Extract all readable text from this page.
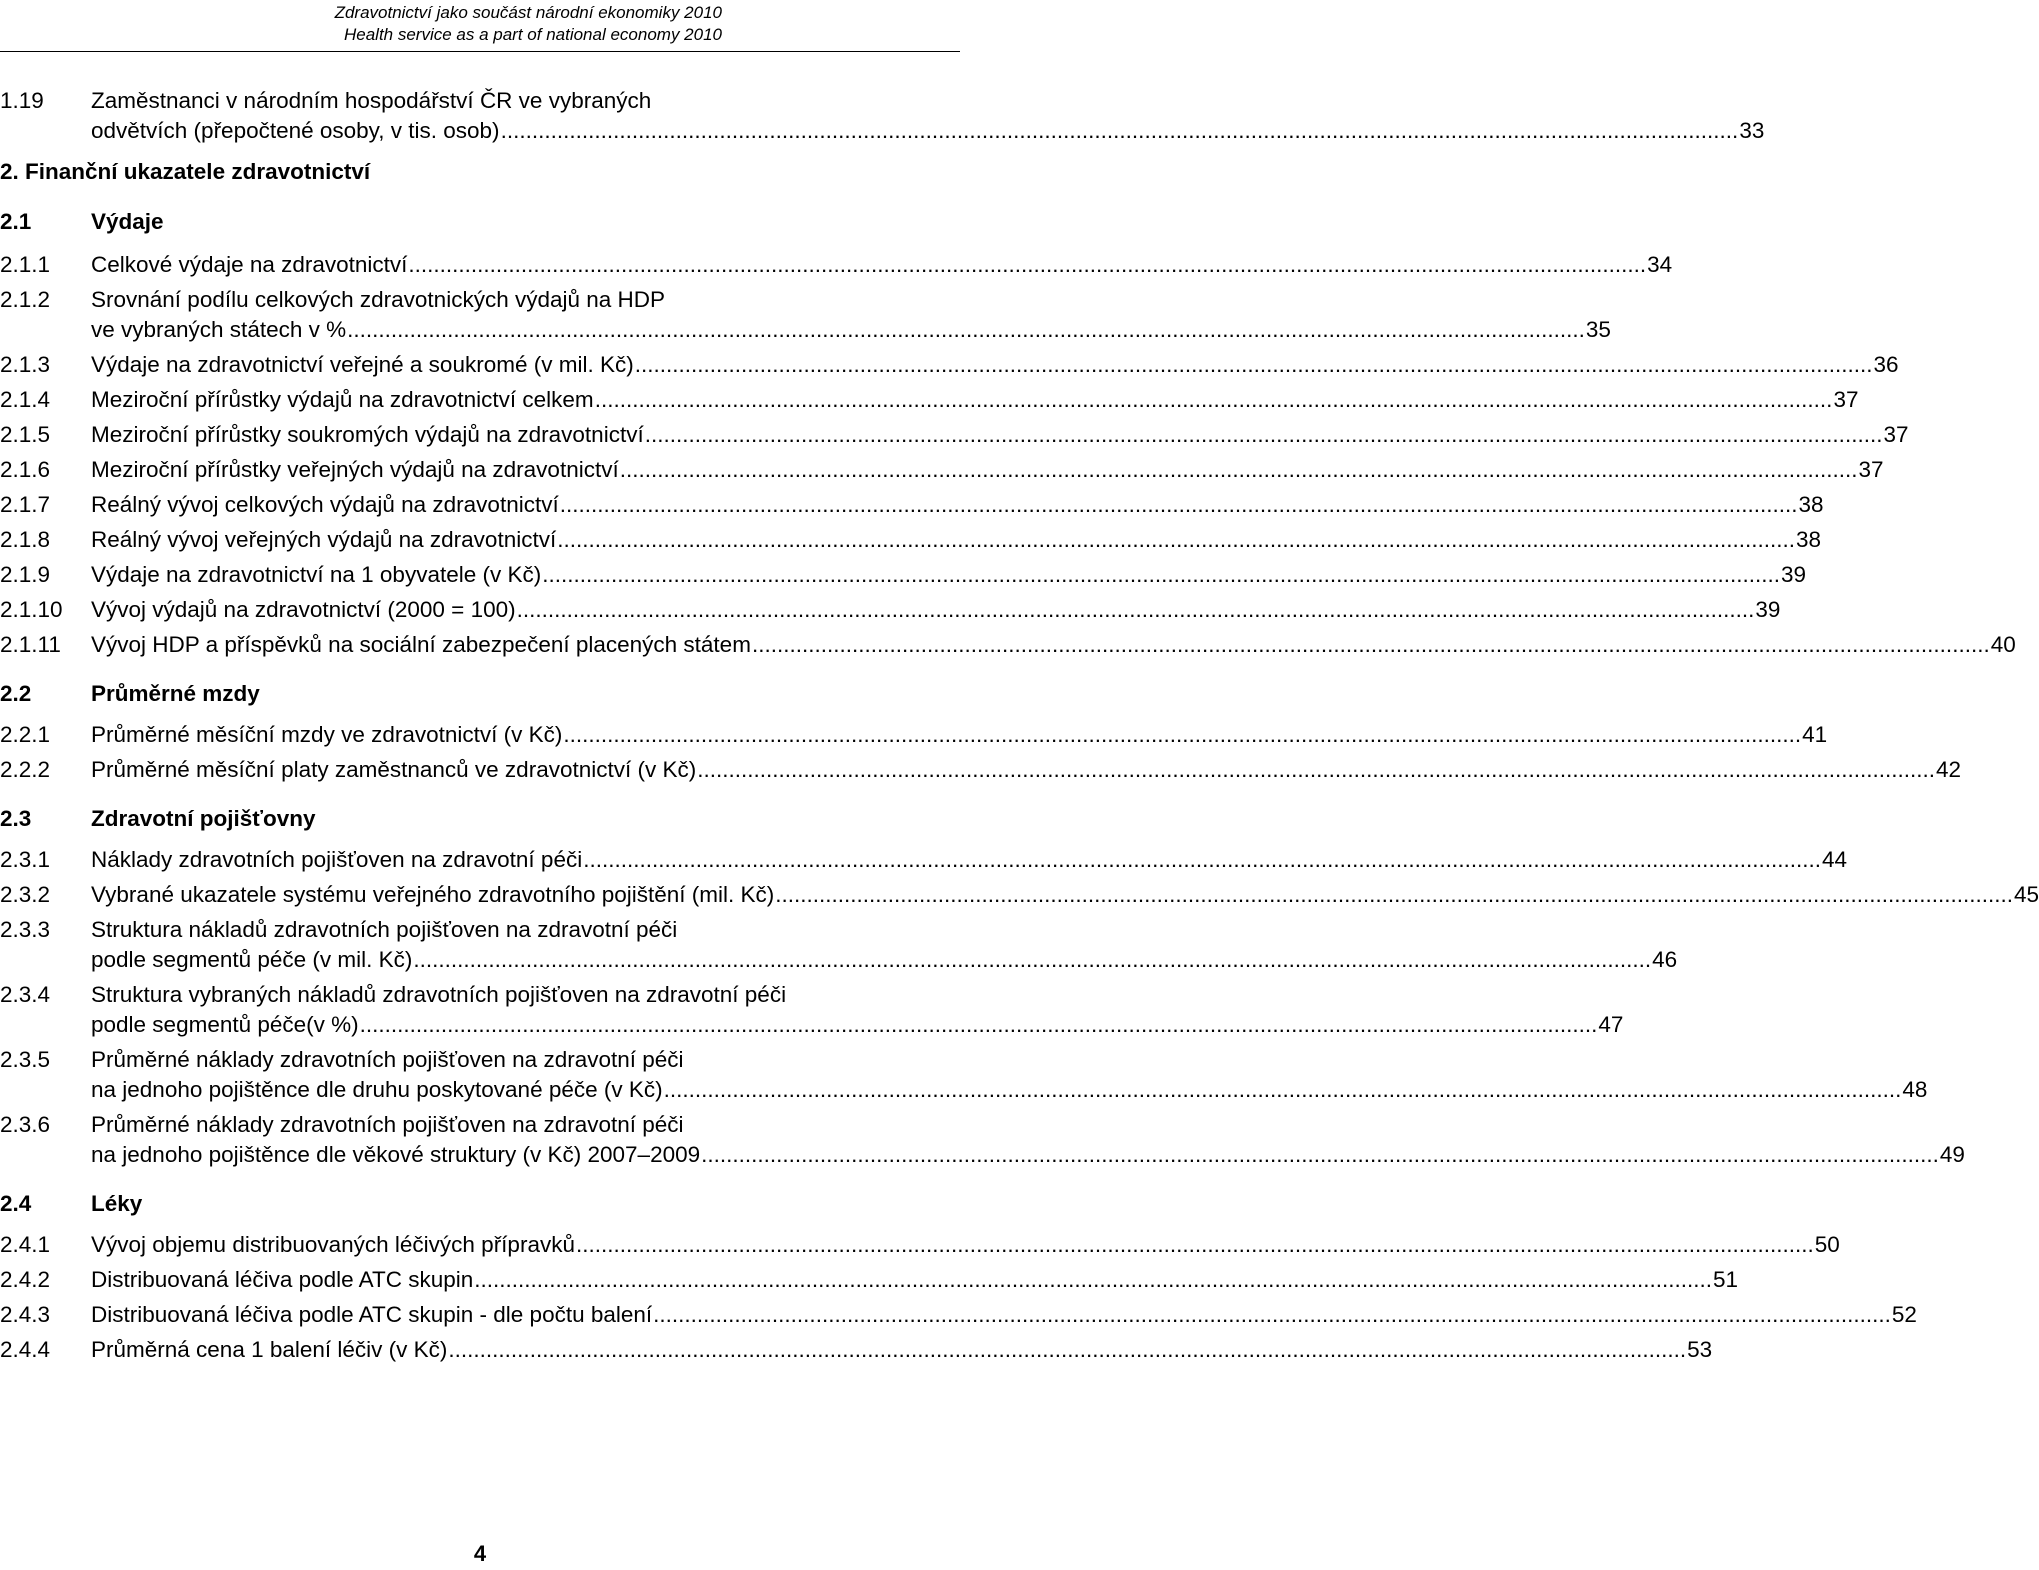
Zdravotnictví jako součást národní ekonomiky 2010
Health service as a part of national economy 2010
1.19 Zaměstnanci v národním hospodářství ČR ve vybraných
odvětvích (přepočtené osoby, v tis. osob) ...................................................................................................................................................................................................... 33
2. Finanční ukazatele zdravotnictví
2.1	Výdaje
2.1.1 Celkové výdaje na zdravotnictví ...................................................................................................................................................................................................... 34
2.1.2 Srovnání podílu celkových zdravotnických výdajů na HDP
ve vybraných státech v % ...................................................................................................................................................................................................... 35
2.1.3 Výdaje na zdravotnictví veřejné a soukromé (v mil. Kč) ...................................................................................................................................................................................................... 36
2.1.4 Meziroční přírůstky výdajů na zdravotnictví celkem ...................................................................................................................................................................................................... 37
2.1.5 Meziroční přírůstky soukromých výdajů na zdravotnictví ...................................................................................................................................................................................................... 37
2.1.6 Meziroční přírůstky veřejných výdajů na zdravotnictví ...................................................................................................................................................................................................... 37
2.1.7 Reálný vývoj celkových výdajů na zdravotnictví ...................................................................................................................................................................................................... 38
2.1.8 Reálný vývoj veřejných výdajů na zdravotnictví ...................................................................................................................................................................................................... 38
2.1.9 Výdaje na zdravotnictví na 1 obyvatele (v Kč) ...................................................................................................................................................................................................... 39
2.1.10 Vývoj výdajů na zdravotnictví (2000 = 100) ...................................................................................................................................................................................................... 39
2.1.11 Vývoj HDP a příspěvků na sociální zabezpečení placených státem ...................................................................................................................................................................................................... 40
2.2	Průměrné mzdy
2.2.1 Průměrné měsíční mzdy ve zdravotnictví (v Kč) ...................................................................................................................................................................................................... 41
2.2.2 Průměrné měsíční platy zaměstnanců ve zdravotnictví (v Kč) ...................................................................................................................................................................................................... 42
2.3	Zdravotní pojišťovny
2.3.1 Náklady zdravotních pojišťoven na zdravotní péči ...................................................................................................................................................................................................... 44
2.3.2 Vybrané ukazatele systému veřejného zdravotního pojištění (mil. Kč) ...................................................................................................................................................................................................... 45
2.3.3 Struktura nákladů zdravotních pojišťoven na zdravotní péči
podle segmentů péče (v mil. Kč) ...................................................................................................................................................................................................... 46
2.3.4 Struktura vybraných nákladů zdravotních pojišťoven na zdravotní péči
podle segmentů péče(v %) ...................................................................................................................................................................................................... 47
2.3.5 Průměrné náklady zdravotních pojišťoven na zdravotní péči
na jednoho pojištěnce dle druhu poskytované péče (v Kč) ...................................................................................................................................................................................................... 48
2.3.6 Průměrné náklady zdravotních pojišťoven na zdravotní péči
na jednoho pojištěnce dle věkové struktury (v Kč) 2007–2009 ...................................................................................................................................................................................................... 49
2.4	Léky
2.4.1 Vývoj objemu distribuovaných léčivých přípravků ...................................................................................................................................................................................................... 50
2.4.2 Distribuovaná léčiva podle ATC skupin ...................................................................................................................................................................................................... 51
2.4.3 Distribuovaná léčiva podle ATC skupin - dle počtu balení ...................................................................................................................................................................................................... 52
2.4.4 Průměrná cena 1 balení léčiv (v Kč) ...................................................................................................................................................................................................... 53
4
